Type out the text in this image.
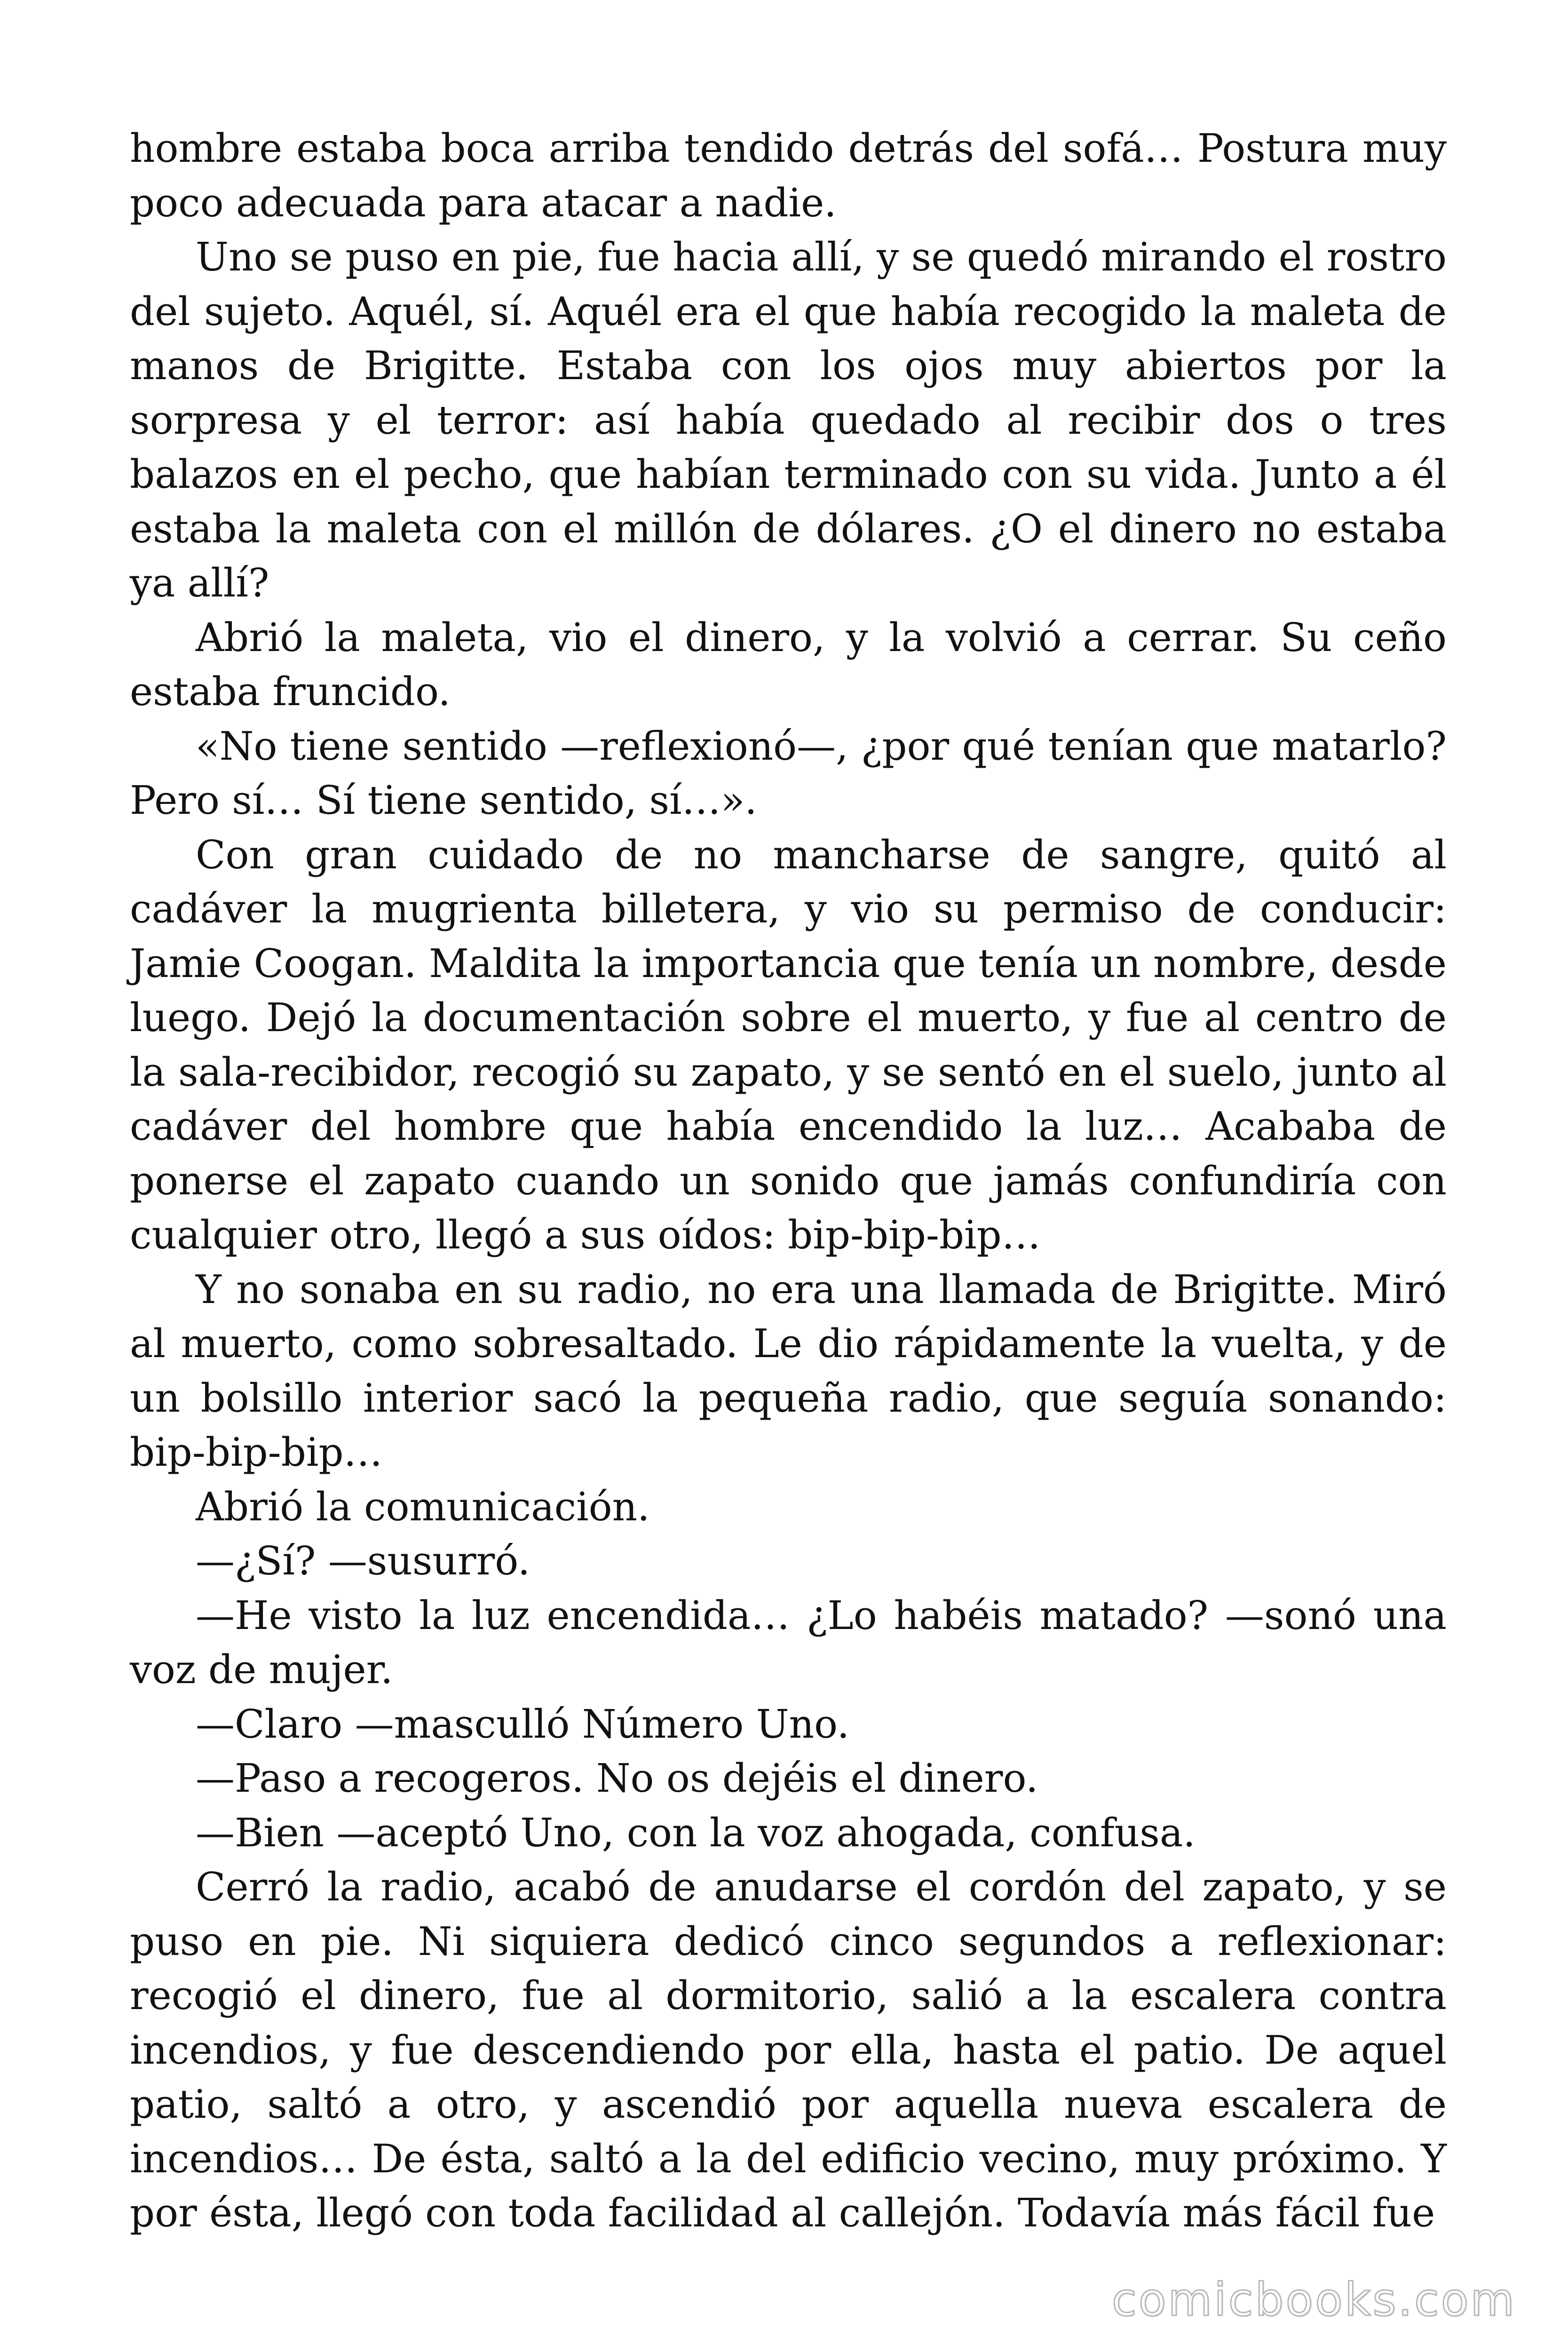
hombre estaba boca arriba tendido detrás del sofá… Postura muy poco adecuada para atacar a nadie.

Uno se puso en pie, fue hacia allí, y se quedó mirando el rostro del sujeto. Aquél, sí. Aquél era el que había recogido la maleta de manos de Brigitte. Estaba con los ojos muy abiertos por la sorpresa y el terror: así había quedado al recibir dos o tres balazos en el pecho, que habían terminado con su vida. Junto a él estaba la maleta con el millón de dólares. ¿O el dinero no estaba ya allí?

Abrió la maleta, vio el dinero, y la volvió a cerrar. Su ceño estaba fruncido.

«No tiene sentido —reflexionó—, ¿por qué tenían que matarlo? Pero sí… Sí tiene sentido, sí…».

Con gran cuidado de no mancharse de sangre, quitó al cadáver la mugrienta billetera, y vio su permiso de conducir: Jamie Coogan. Maldita la importancia que tenía un nombre, desde luego. Dejó la documentación sobre el muerto, y fue al centro de la sala-recibidor, recogió su zapato, y se sentó en el suelo, junto al cadáver del hombre que había encendido la luz… Acababa de ponerse el zapato cuando un sonido que jamás confundiría con cualquier otro, llegó a sus oídos: bip-bip-bip…

Y no sonaba en su radio, no era una llamada de Brigitte. Miró al muerto, como sobresaltado. Le dio rápidamente la vuelta, y de un bolsillo interior sacó la pequeña radio, que seguía sonando: bip-bip-bip…

Abrió la comunicación.

—¿Sí? —susurró.

—He visto la luz encendida… ¿Lo habéis matado? —sonó una voz de mujer.

—Claro —masculló Número Uno.

—Paso a recogeros. No os dejéis el dinero.

—Bien —aceptó Uno, con la voz ahogada, confusa.

Cerró la radio, acabó de anudarse el cordón del zapato, y se puso en pie. Ni siquiera dedicó cinco segundos a reflexionar: recogió el dinero, fue al dormitorio, salió a la escalera contra incendios, y fue descendiendo por ella, hasta el patio. De aquel patio, saltó a otro, y ascendió por aquella nueva escalera de incendios… De ésta, saltó a la del edificio vecino, muy próximo. Y por ésta, llegó con toda facilidad al callejón. Todavía más fácil fue

comicbooks.com
